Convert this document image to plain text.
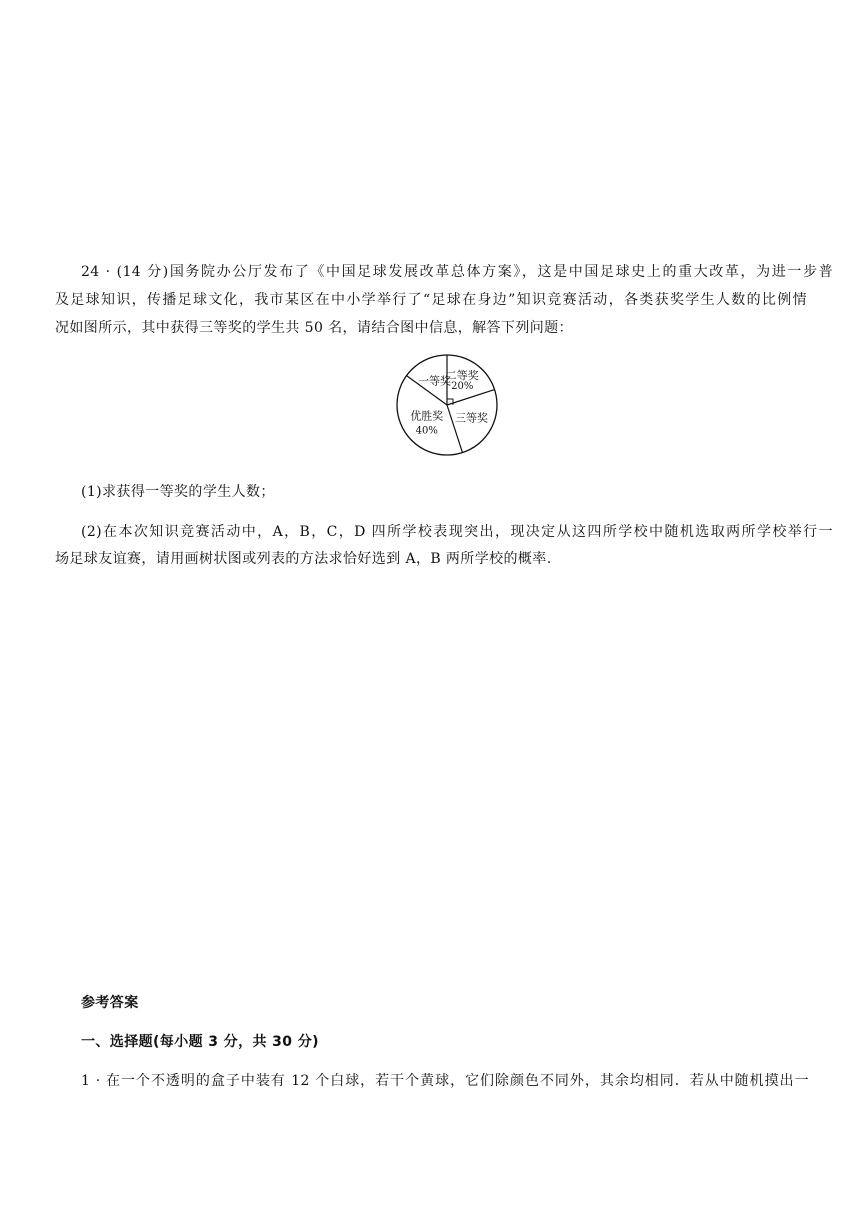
24 · (14 分)国务院办公厅发布了《中国足球发展改革总体方案》，这是中国足球史上的重大改革，为进一步普
及足球知识，传播足球文化，我市某区在中小学举行了“足球在身边”知识竞赛活动，各类获奖学生人数的比例情
况如图所示，其中获得三等奖的学生共 50 名，请结合图中信息，解答下列问题：
二等奖
20%
三等奖
优胜奖
40%
一等奖
(1)求获得一等奖的学生人数；
(2)在本次知识竞赛活动中，A，B，C，D 四所学校表现突出，现决定从这四所学校中随机选取两所学校举行一
场足球友谊赛，请用画树状图或列表的方法求恰好选到 A，B 两所学校的概率.
参考答案
一、选择题(每小题 3 分，共 30 分)
1 · 在一个不透明的盒子中装有 12 个白球，若干个黄球，它们除颜色不同外，其余均相同．若从中随机摸出一
